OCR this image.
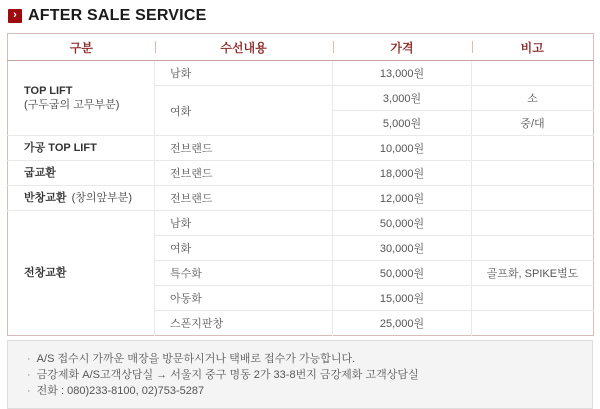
› AFTER SALE SERVICE
구분	수선내용	가격	비고
TOP LIFT
(구두굽의 고무부분)	남화	13,000원	
	여화	3,000원	소
		5,000원	중/대
가공 TOP LIFT	전브랜드	10,000원	
굽교환	전브랜드	18,000원	
반창교환 (창의앞부분)	전브랜드	12,000원	
전창교환	남화	50,000원	
	여화	30,000원	
	특수화	50,000원	골프화, SPIKE별도
	아동화	15,000원	
	스폰지판창	25,000원	

· A/S 접수시 가까운 매장을 방문하시거나 택배로 접수가 가능합니다.

· 금강제화 A/S고객상담실 → 서울지 중구 명동 2가 33-8번지 금강제화 고객상담실

· 전화 : 080)233-8100, 02)753-5287
